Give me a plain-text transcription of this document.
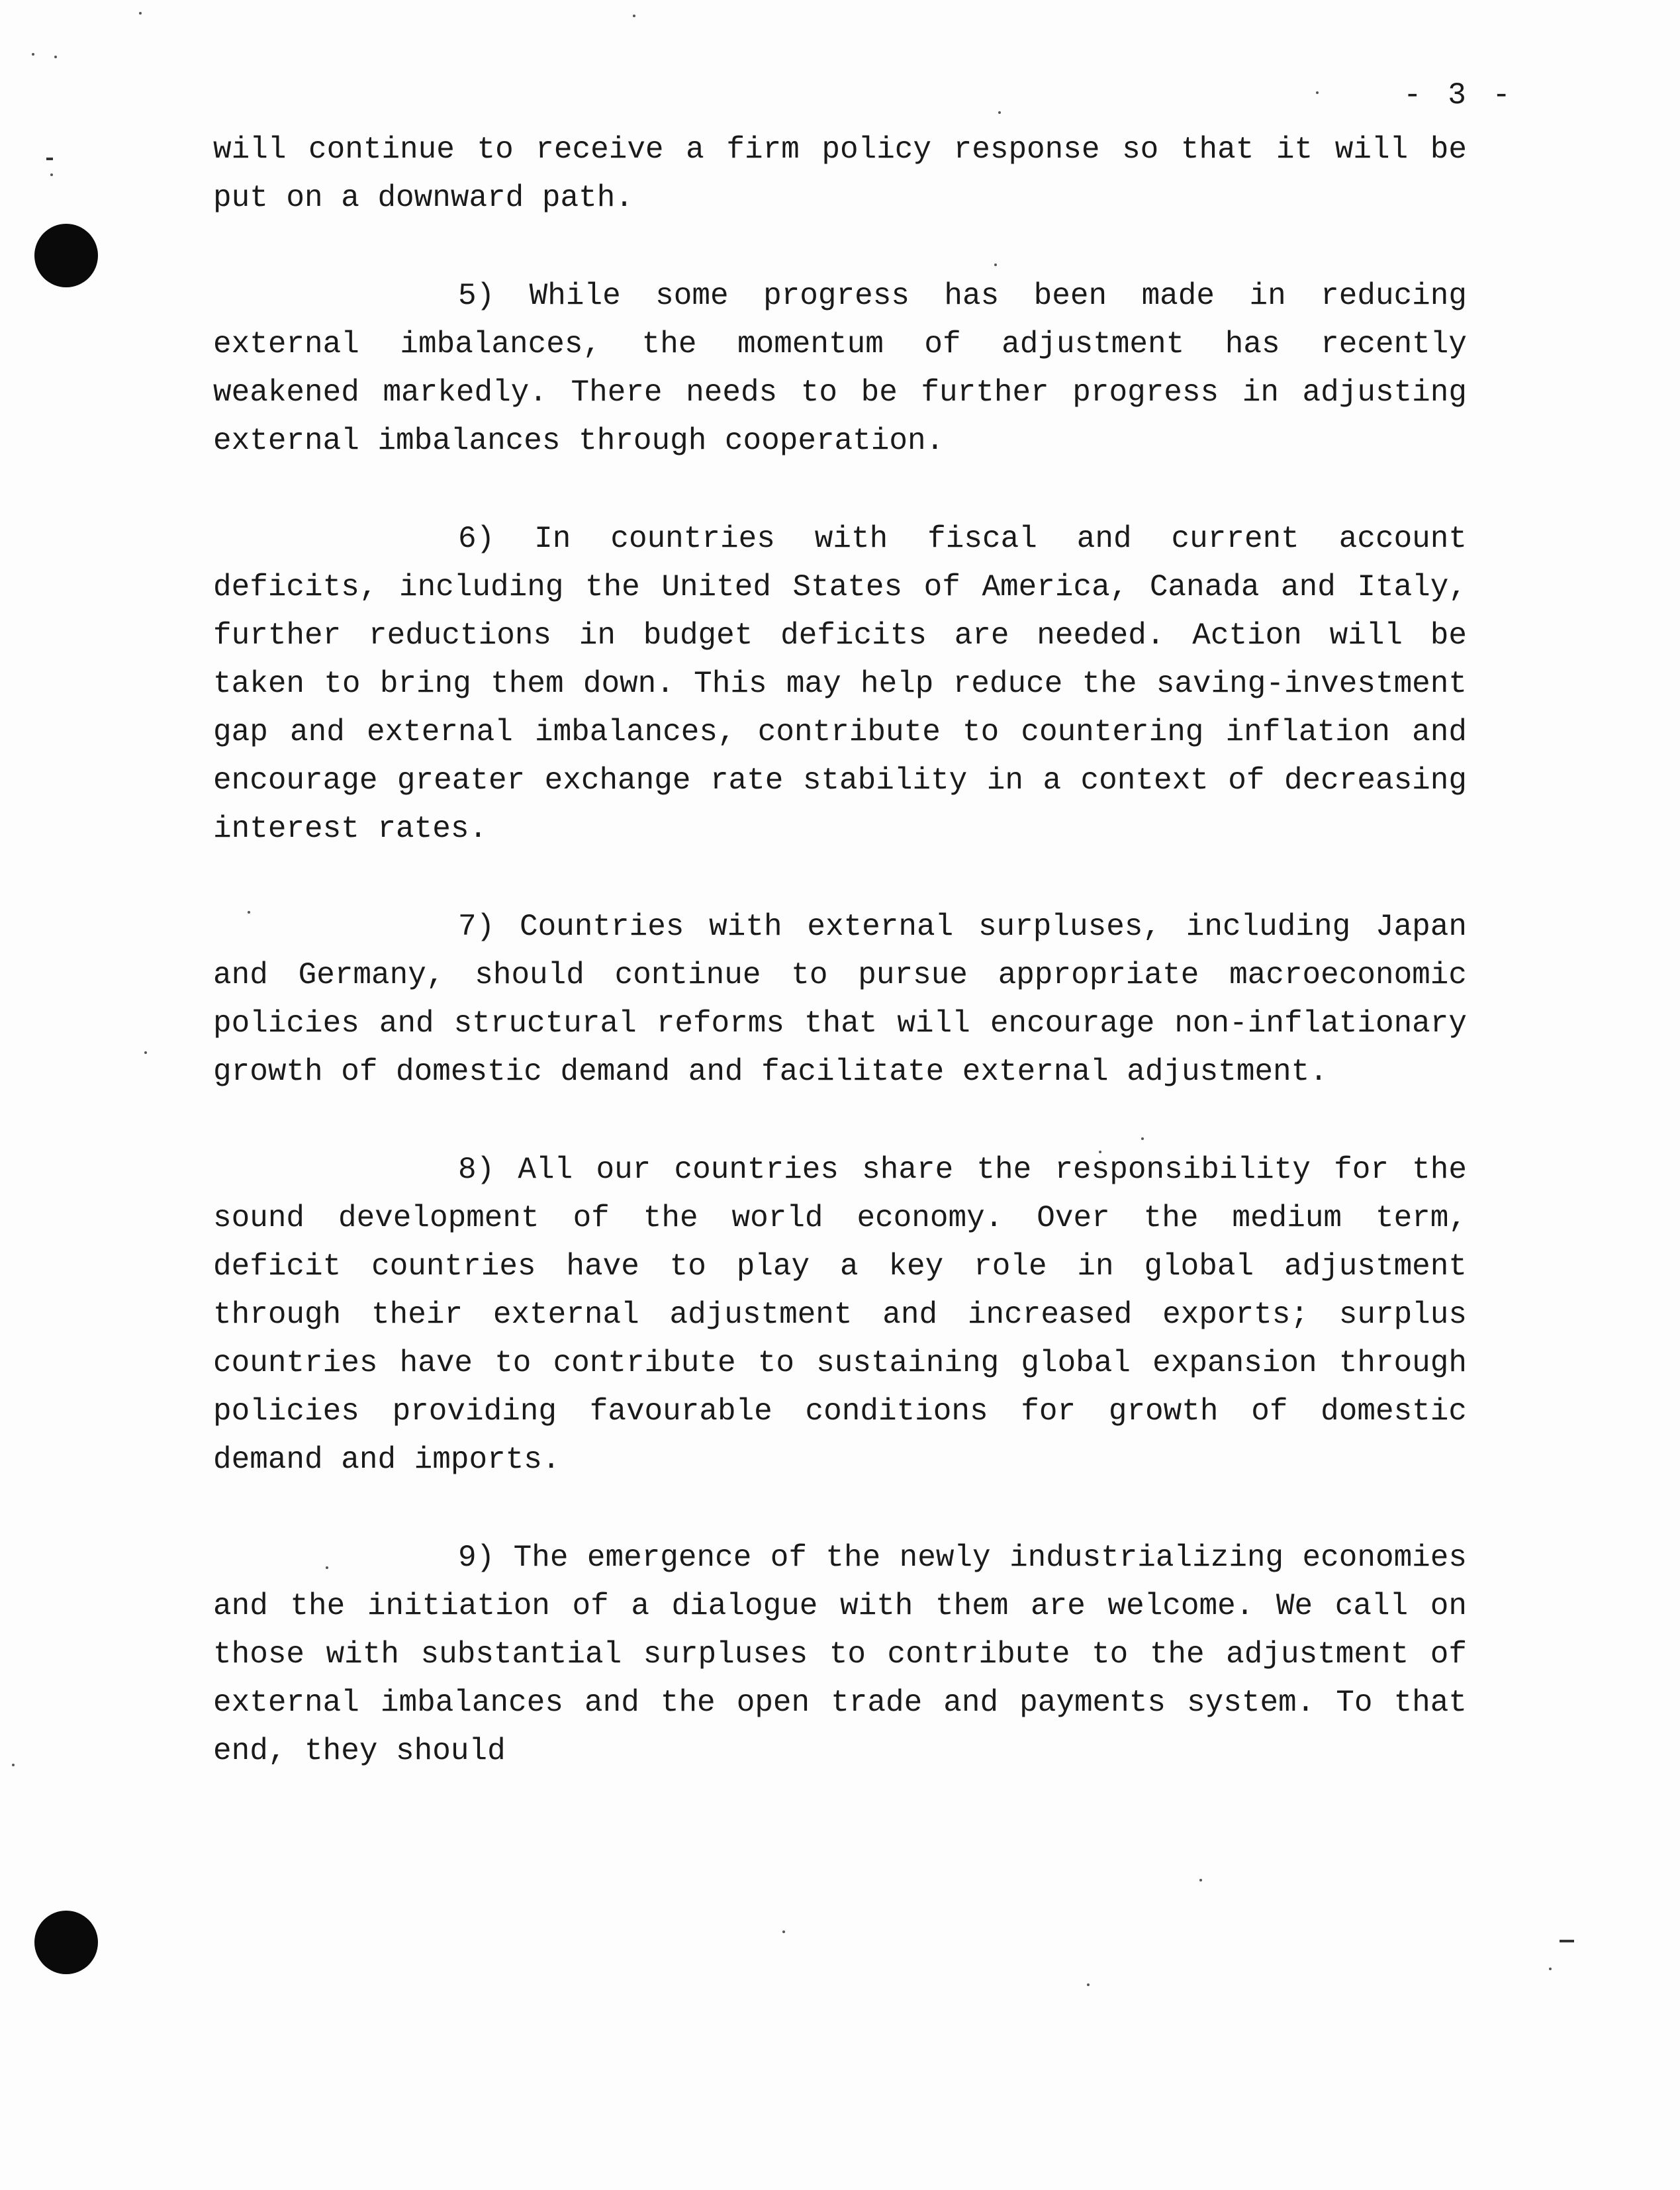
- 3 -

will continue to receive a firm policy response so that it will be put on a downward path.

5) While some progress has been made in reducing external imbalances, the momentum of adjustment has recently weakened markedly. There needs to be further progress in adjusting external imbalances through cooperation.

6) In countries with fiscal and current account deficits, including the United States of America, Canada and Italy, further reductions in budget deficits are needed. Action will be taken to bring them down. This may help reduce the saving-investment gap and external imbalances, contribute to countering inflation and encourage greater exchange rate stability in a context of decreasing interest rates.

7) Countries with external surpluses, including Japan and Germany, should continue to pursue appropriate macroeconomic policies and structural reforms that will encourage non-inflationary growth of domestic demand and facilitate external adjustment.

8) All our countries share the responsibility for the sound development of the world economy. Over the medium term, deficit countries have to play a key role in global adjustment through their external adjustment and increased exports; surplus countries have to contribute to sustaining global expansion through policies providing favourable conditions for growth of domestic demand and imports.

9) The emergence of the newly industrializing economies and the initiation of a dialogue with them are welcome. We call on those with substantial surpluses to contribute to the adjustment of external imbalances and the open trade and payments system. To that end, they should
